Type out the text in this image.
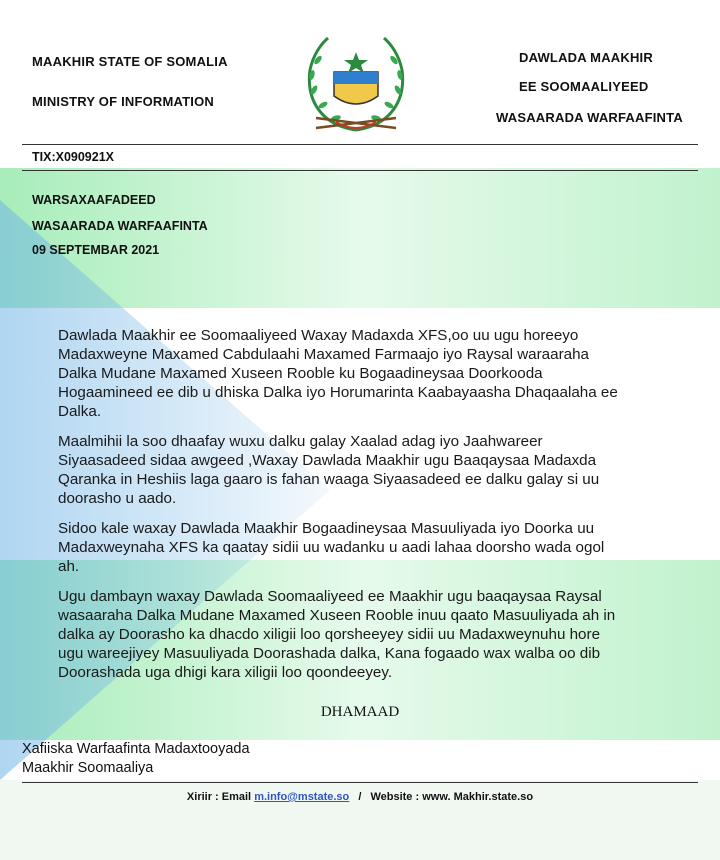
MAAKHIR STATE OF SOMALIA
MINISTRY OF INFORMATION
DAWLADA MAAKHIR
EE SOOMAALIYEED
WASAARADA WARFAAFINTA
TIX:X090921X
WARSAXAAFADEED
WASAARADA WARFAAFINTA
09 SEPTEMBAR 2021

Dawlada Maakhir ee Soomaaliyeed Waxay Madaxda XFS,oo uu ugu horeeyo Madaxweyne Maxamed Cabdulaahi Maxamed Farmaajo iyo Raysal waraaraha Dalka Mudane Maxamed Xuseen Rooble ku Bogaadineysaa Doorkooda Hogaamineed ee dib u dhiska Dalka iyo Horumarinta Kaabayaasha Dhaqaalaha ee Dalka.

Maalmihii la soo dhaafay wuxu dalku galay Xaalad adag iyo Jaahwareer Siyaasadeed sidaa awgeed ,Waxay Dawlada Maakhir ugu Baaqaysaa Madaxda Qaranka in Heshiis laga gaaro is fahan waaga Siyaasadeed ee dalku galay si uu doorasho u aado.

Sidoo kale waxay Dawlada Maakhir Bogaadineysaa Masuuliyada iyo Doorka uu Madaxweynaha XFS ka qaatay sidii uu wadanku u aadi lahaa doorsho wada ogol ah.

Ugu dambayn waxay Dawlada Soomaaliyeed ee Maakhir ugu baaqaysaa Raysal wasaaraha Dalka Mudane Maxamed Xuseen Rooble inuu qaato Masuuliyada ah in dalka ay Doorasho ka dhacdo xiligii loo qorsheeyey sidii uu Madaxweynuhu hore ugu wareejiyey Masuuliyada Doorashada dalka, Kana fogaado wax walba oo dib Doorashada uga dhigi kara xiligii loo qoondeeyey.

DHAMAAD
Xafiiska Warfaafinta Madaxtooyada
Maakhir Soomaaliya
Xiriir : Email m.info@mstate.so / Website : www. Makhir.state.so
